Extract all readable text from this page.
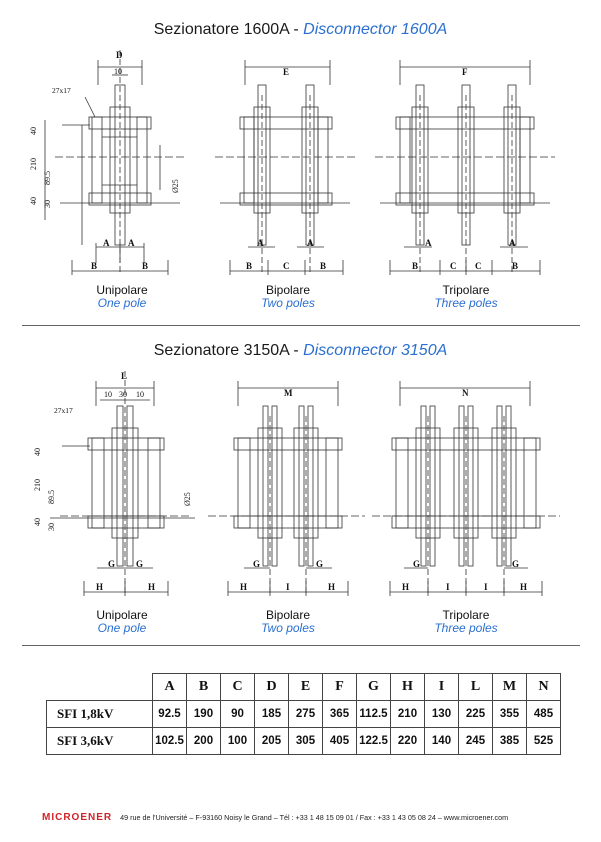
Sezionatore 1600A - Disconnector 1600A
D
10
27x17
40
210
89.5
40 30
Ø25
A A
B	B
E
A	A
B	C	B
F
A	A
B	C C	B
Unipolare
One pole
Bipolare
Two poles
Tripolare
Three poles
Sezionatore 3150A - Disconnector 3150A
L
10 30 10
27x17
40
210
89.5
40
30
Ø25
G G
H	H
M
G	G
H	I	H
N
G	G
H	I	I	H
Unipolare
One pole
Bipolare
Two poles
Tripolare
Three poles
	A	B	C	D	E	F	G	H	I	L	M	N
SFI 1,8kV	92.5	190	90	185	275	365	112.5	210	130	225	355	485
SFI 3,6kV	102.5	200	100	205	305	405	122.5	220	140	245	385	525
MICROENER 49 rue de l'Université – F-93160 Noisy le Grand – Tél : +33 1 48 15 09 01 / Fax : +33 1 43 05 08 24 – www.microener.com
